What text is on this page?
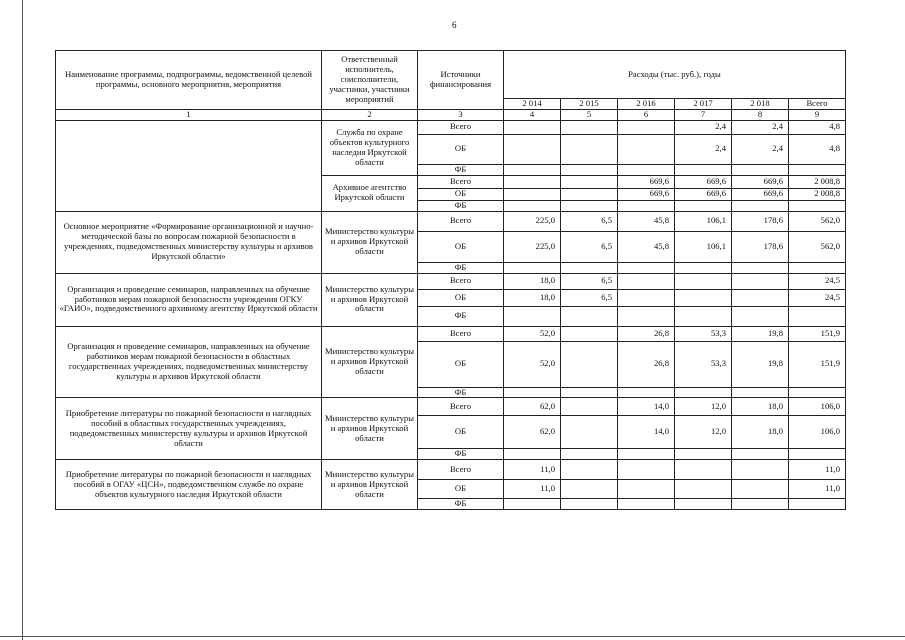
6
Наименование программы, подпрограммы, ведомственной целевой программы, основного мероприятия, мероприятия	Ответственный исполнитель, соисполнители, участники, участники мероприятий	Источники финансирования	Расходы (тыс. руб.), годы					
			2 014	2 015	2 016	2 017	2 018	Всего
1	2	3	4	5	6	7	8	9
	Служба по охране объектов культурного наследия Иркутской области	Всего				2,4	2,4	4,8
		ОБ				2,4	2,4	4,8
		ФБ						
	Архивное агентство Иркутской области	Всего			669,6	669,6	669,6	2 008,8
		ОБ			669,6	669,6	669,6	2 008,8
		ФБ						
Основное мероприятие «Формирование организационной и научно-методической базы по вопросам пожарной безопасности в учреждениях, подведомственных министерству культуры и архивов Иркутской области»	Министерство культуры и архивов Иркутской области	Всего	225,0	6,5	45,8	106,1	178,6	562,0
		ОБ	225,0	6,5	45,8	106,1	178,6	562,0
		ФБ						
Организация и проведение семинаров, направленных на обучение работников мерам пожарной безопасности учреждения ОГКУ «ГАИО», подведомственного архивному агентству Иркутской области	Министерство культуры и архивов Иркутской области	Всего	18,0	6,5				24,5
		ОБ	18,0	6,5				24,5
		ФБ						
Организация и проведение семинаров, направленных на обучение работников мерам пожарной безопасности в областных государственных учреждениях, подведомственных министерству культуры и архивов Иркутской области	Министерство культуры и архивов Иркутской области	Всего	52,0		26,8	53,3	19,8	151,9
		ОБ	52,0		26,8	53,3	19,8	151,9
		ФБ						
Приобретение литературы по пожарной безопасности и наглядных пособий в областных государственных учреждениях, подведомственных министерству культуры и архивов Иркутской области	Министерство культуры и архивов Иркутской области	Всего	62,0		14,0	12,0	18,0	106,0
		ОБ	62,0		14,0	12,0	18,0	106,0
		ФБ						
Приобретение литературы по пожарной безопасности и наглядных пособий в ОГАУ «ЦСН», подведомственном службе по охране объектов культурного наследия Иркутской области	Министерство культуры и архивов Иркутской области	Всего	11,0					11,0
		ОБ	11,0					11,0
		ФБ						
